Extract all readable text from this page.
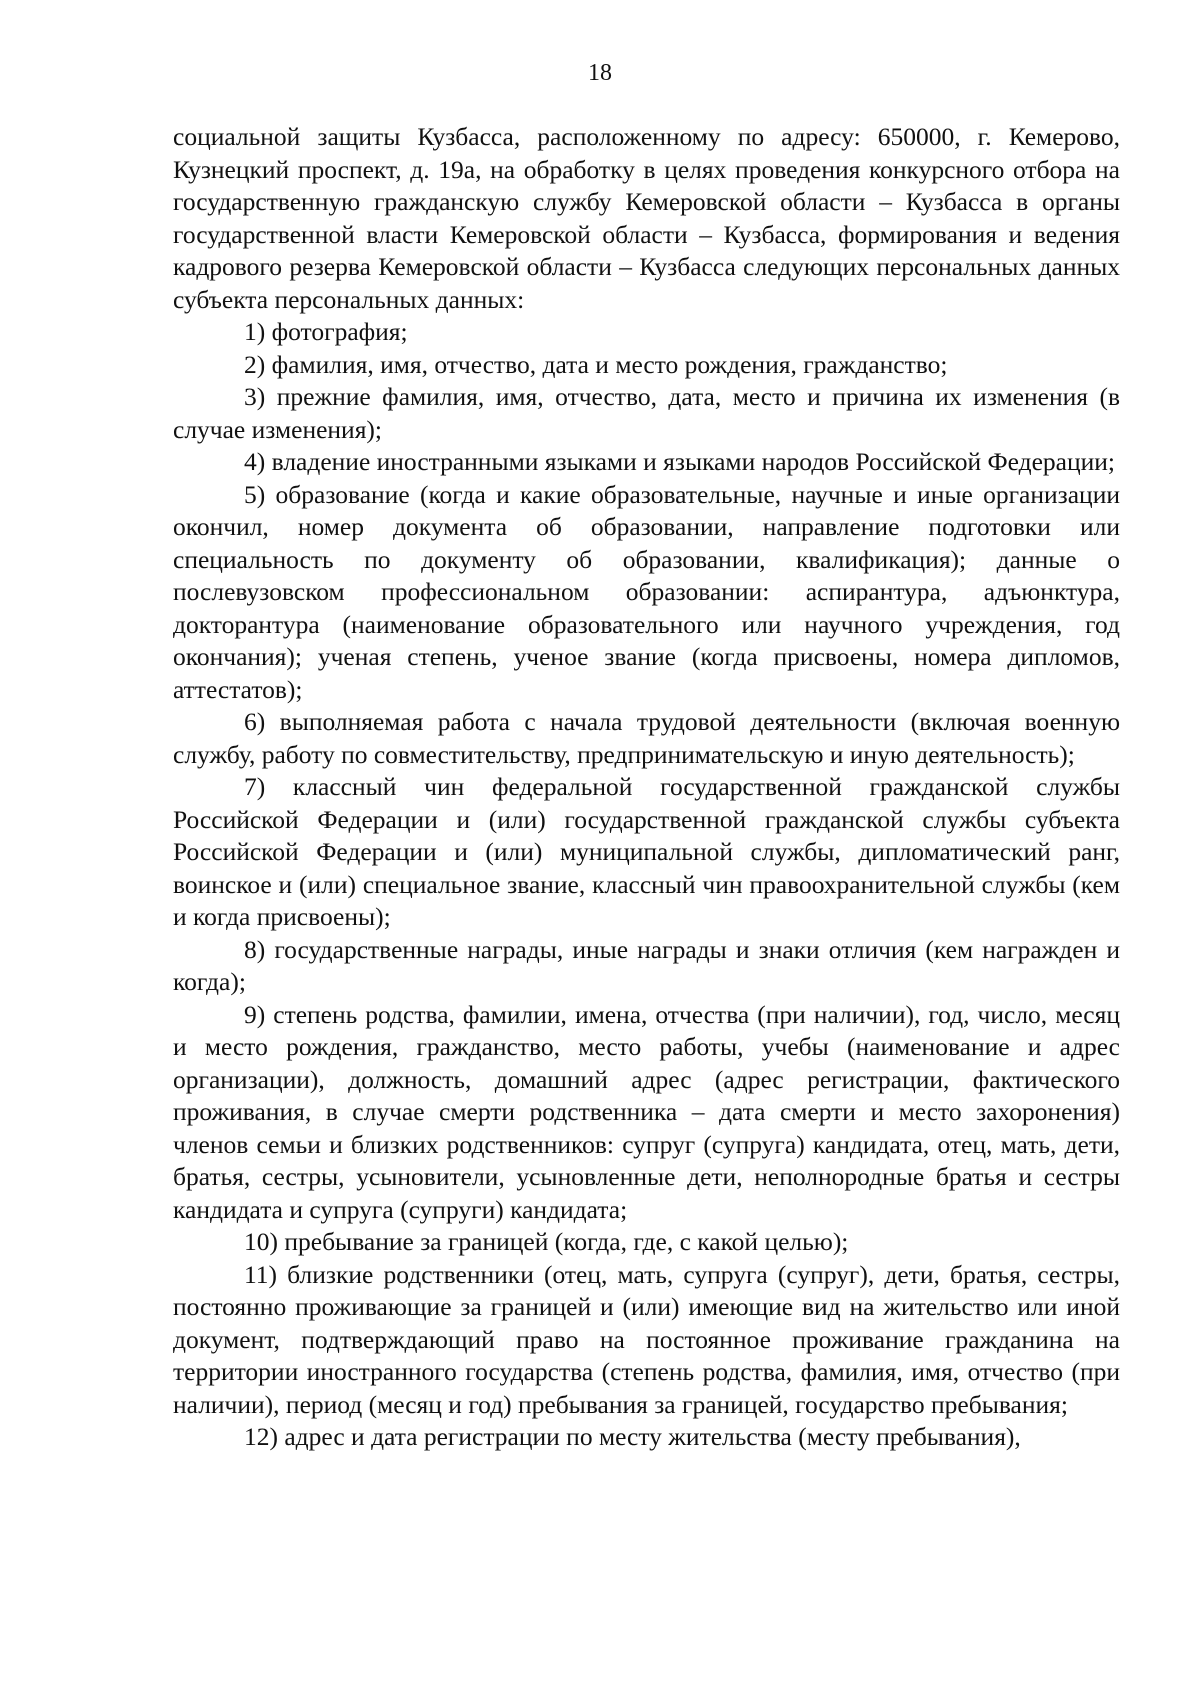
18

социальной защиты Кузбасса, расположенному по адресу: 650000, г. Кемерово, Кузнецкий проспект, д. 19а, на обработку в целях проведения конкурсного отбора на государственную гражданскую службу Кемеровской области – Кузбасса в органы государственной власти Кемеровской области – Кузбасса, формирования и ведения кадрового резерва Кемеровской области – Кузбасса следующих персональных данных субъекта персональных данных:

1) фотография;

2) фамилия, имя, отчество, дата и место рождения, гражданство;

3) прежние фамилия, имя, отчество, дата, место и причина их изменения (в случае изменения);

4) владение иностранными языками и языками народов Российской Федерации;

5) образование (когда и какие образовательные, научные и иные организации окончил, номер документа об образовании, направление подготовки или специальность по документу об образовании, квалификация); данные о послевузовском профессиональном образовании: аспирантура, адъюнктура, докторантура (наименование образовательного или научного учреждения, год окончания); ученая степень, ученое звание (когда присвоены, номера дипломов, аттестатов);

6) выполняемая работа с начала трудовой деятельности (включая военную службу, работу по совместительству, предпринимательскую и иную деятельность);

7) классный чин федеральной государственной гражданской службы Российской Федерации и (или) государственной гражданской службы субъекта Российской Федерации и (или) муниципальной службы, дипломатический ранг, воинское и (или) специальное звание, классный чин правоохранительной службы (кем и когда присвоены);

8) государственные награды, иные награды и знаки отличия (кем награжден и когда);

9) степень родства, фамилии, имена, отчества (при наличии), год, число, месяц и место рождения, гражданство, место работы, учебы (наименование и адрес организации), должность, домашний адрес (адрес регистрации, фактического проживания, в случае смерти родственника – дата смерти и место захоронения) членов семьи и близких родственников: супруг (супруга) кандидата, отец, мать, дети, братья, сестры, усыновители, усыновленные дети, неполнородные братья и сестры кандидата и супруга (супруги) кандидата;

10) пребывание за границей (когда, где, с какой целью);

11) близкие родственники (отец, мать, супруга (супруг), дети, братья, сестры, постоянно проживающие за границей и (или) имеющие вид на жительство или иной документ, подтверждающий право на постоянное проживание гражданина на территории иностранного государства (степень родства, фамилия, имя, отчество (при наличии), период (месяц и год) пребывания за границей, государство пребывания;

12) адрес и дата регистрации по месту жительства (месту пребывания),
